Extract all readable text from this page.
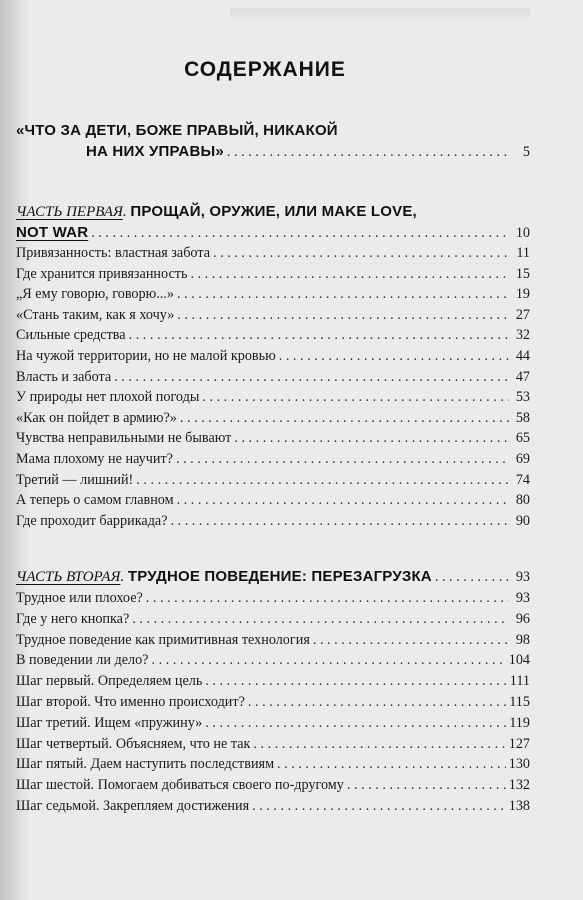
СОДЕРЖАНИЕ
«ЧТО ЗА ДЕТИ, БОЖЕ ПРАВЫЙ, НИКАКОЙ
НА НИХ УПРАВЫ» . . .	5
ЧАСТЬ ПЕРВАЯ. ПРОЩАЙ, ОРУЖИЕ, ИЛИ MAKE LOVE,
NOT WAR . . .	10
Привязанность: властная забота . . .	11
Где хранится привязанность . . .	15
„Я ему говорю, говорю...» . . .	19
«Стань таким, как я хочу» . . .	27
Сильные средства . . .	32
На чужой территории, но не малой кровью . . .	44
Власть и забота . . .	47
У природы нет плохой погоды . . .	53
«Как он пойдет в армию?» . . .	58
Чувства неправильными не бывают . . .	65
Мама плохому не научит? . . .	69
Третий — лишний! . . .	74
А теперь о самом главном . . .	80
Где проходит баррикада? . . .	90
ЧАСТЬ ВТОРАЯ. ТРУДНОЕ ПОВЕДЕНИЕ: ПЕРЕЗАГРУЗКА . . .	93
Трудное или плохое? . . .	93
Где у него кнопка? . . .	96
Трудное поведение как примитивная технология . . .	98
В поведении ли дело? . . .	104
Шаг первый. Определяем цель . . .	111
Шаг второй. Что именно происходит? . . .	115
Шаг третий. Ищем «пружину» . . .	119
Шаг четвертый. Объясняем, что не так . . .	127
Шаг пятый. Даем наступить последствиям . . .	130
Шаг шестой. Помогаем добиваться своего по-другому . . .	132
Шаг седьмой. Закрепляем достижения . . .	138
